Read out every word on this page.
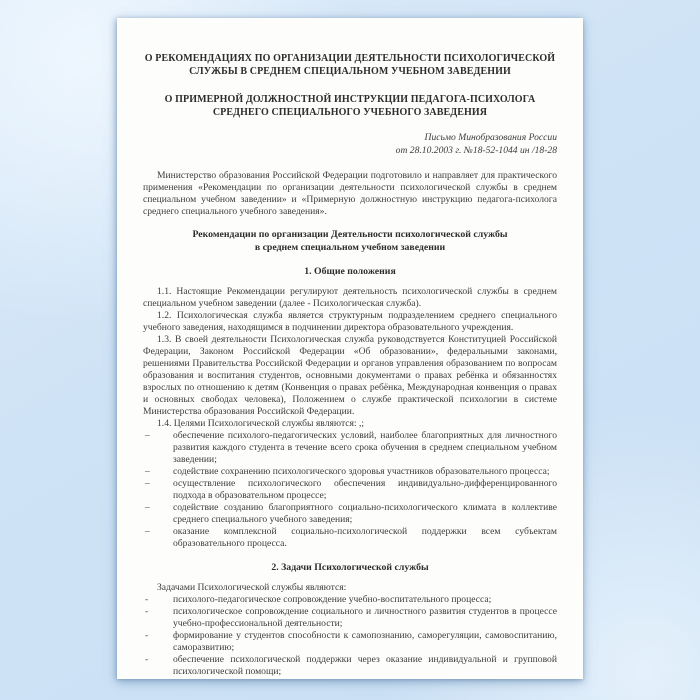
О РЕКОМЕНДАЦИЯХ ПО ОРГАНИЗАЦИИ ДЕЯТЕЛЬНОСТИ ПСИХОЛОГИЧЕСКОЙ
СЛУЖБЫ В СРЕДНЕМ СПЕЦИАЛЬНОМ УЧЕБНОМ ЗАВЕДЕНИИ
О ПРИМЕРНОЙ ДОЛЖНОСТНОЙ ИНСТРУКЦИИ ПЕДАГОГА-ПСИХОЛОГА
СРЕДНЕГО СПЕЦИАЛЬНОГО УЧЕБНОГО ЗАВЕДЕНИЯ
Письмо Минобразования России
от 28.10.2003 г. №18-52-1044 ин /18-28

Министерство образования Российской Федерации подготовило и направляет для практического применения «Рекомендации по организации деятельности психологической службы в среднем специальном учебном заведении» и «Примерную должностную инструкцию педагога-психолога среднего специального учебного заведения».

Рекомендации по организации Деятельности психологической службы
в среднем специальном учебном заведении
1. Общие положения

1.1. Настоящие Рекомендации регулируют деятельность психологической службы в среднем специальном учебном заведении (далее - Психологическая служба).

1.2. Психологическая служба является структурным подразделением среднего специального учебного заведения, находящимся в подчинении директора образовательного учреждения.

1.3. В своей деятельности Психологическая служба руководствуется Конституцией Российской Федерации, Законом Российской Федерации «Об образовании», федеральными законами, решениями Правительства Российской Федерации и органов управления образованием по вопросам образования и воспитания студентов, основными документами о правах ребёнка и обязанностях взрослых по отношению к детям (Конвенция о правах ребёнка, Международная конвенция о правах и основных свободах человека), Положением о службе практической психологии в системе Министерства образования Российской Федерации.

1.4. Целями Психологической службы являются: ,;

–	обеспечение психолого-педагогических условий, наиболее благоприятных для личностного развития каждого студента в течение всего срока обучения в среднем специальном учебном заведении;
–	содействие сохранению психологического здоровья участников образовательного процесса;
–	осуществление психологического обеспечения индивидуально-дифференцированного подхода в образовательном процессе;
–	содействие созданию благоприятного социально-психологического климата в коллективе среднего специального учебного заведения;
–	оказание комплексной социально-психологической поддержки всем субъектам образовательного процесса.
2. Задачи Психологической службы

Задачами Психологической службы являются:

-	психолого-педагогическое сопровождение учебно-воспитательного процесса;
-	психологическое сопровождение социального и личностного развития студентов в процессе учебно-профессиональной деятельности;
-	формирование у студентов способности к самопознанию, саморегуляции, самовоспитанию, саморазвитию;
-	обеспечение психологической поддержки через оказание индивидуальной и групповой психологической помощи;
